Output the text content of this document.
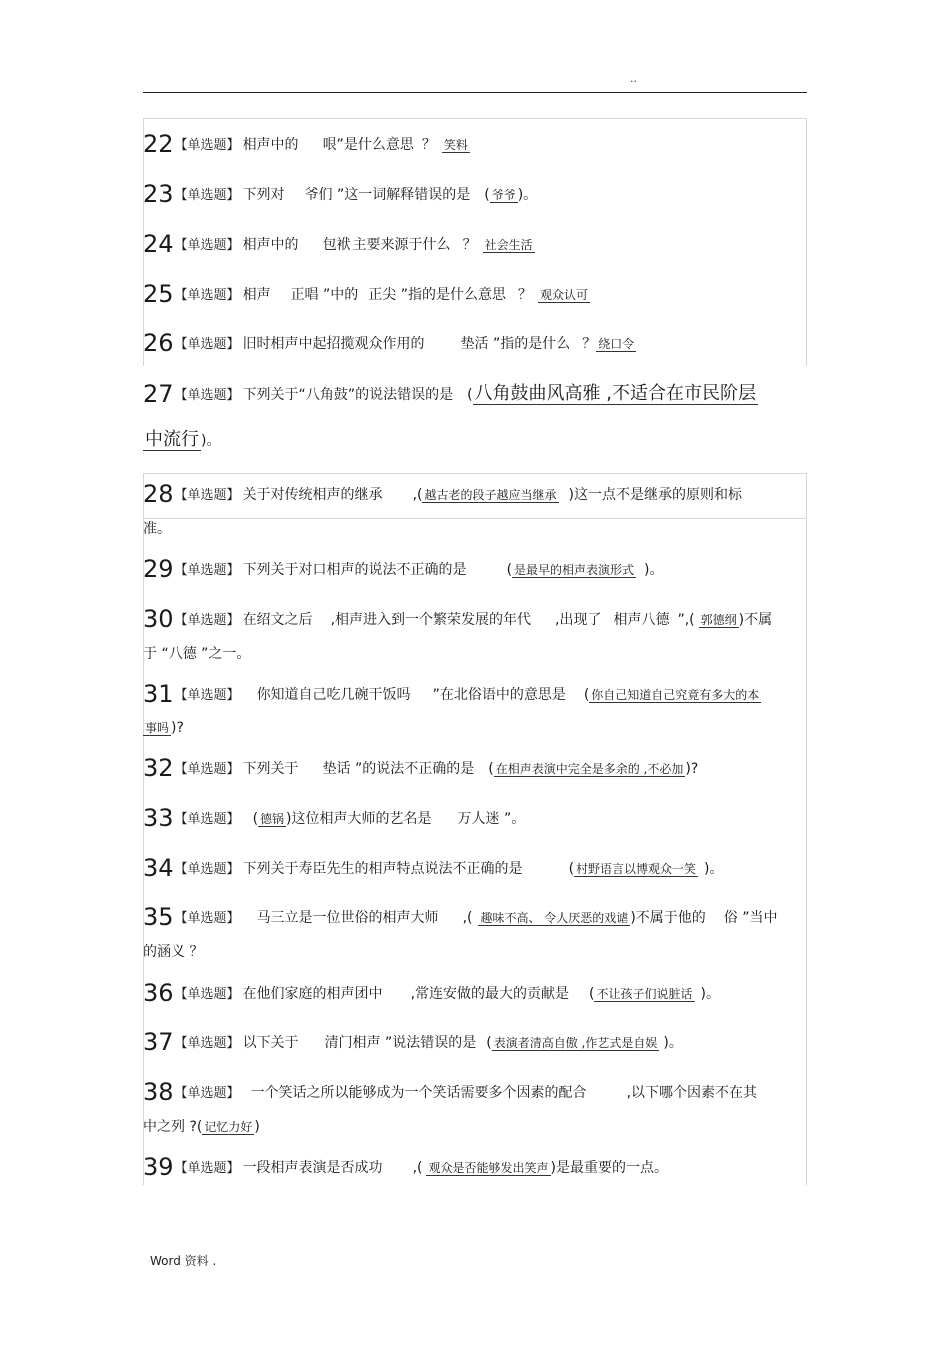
..
22【单选题】 相声中的 哏”是什么意思 ？ 笑料
23【单选题】 下列对 爷们 ”这一词解释错误的是 ( 爷爷 )。
24【单选题】 相声中的 包袱 主要来源于什么 ？ 社会生活
25【单选题】 相声 正唱 ”中的 正尖 ”指的是什么意思 ？ 观众认可
26【单选题】 旧时相声中起招揽观众作用的	垫活 ”指的是什么 ？ 绕口令
27【单选题】 下列关于“八角鼓”的说法错误的是 ( 八角鼓曲风高雅 ,不适合在市民阶层
中流行 )。
28【单选题】 关于对传统相声的继承 ,( 越古老的段子越应当继承 )这一点不是继承的原则和标
准。
29【单选题】 下列关于对口相声的说法不正确的是	( 是最早的相声表演形式 )。
30【单选题】 在绍文之后 ,相声进入到一个繁荣发展的年代 ,出现了 相声八德 ”,( 郭德纲 )不属
于 “八德 ”之一。
31【单选题】 你知道自己吃几碗干饭吗 ”在北俗语中的意思是 ( 你自己知道自己究竟有多大的本
事吗 )?
32【单选题】 下列关于 垫话 ”的说法不正确的是 ( 在相声表演中完全是多余的 ,不必加 )?
33【单选题】 ( 德锅 )这位相声大师的艺名是 万人迷 ”。
34【单选题】 下列关于寿臣先生的相声特点说法不正确的是	( 村野语言以博观众一笑 )。
35【单选题】 马三立是一位世俗的相声大师 ,( 趣味不高、 令人厌恶的戏谑 )不属于他的 俗 ”当中
的涵义 ？
36【单选题】 在他们家庭的相声团中 ,常连安做的最大的贡献是 ( 不让孩子们说脏话 )。
37【单选题】 以下关于 清门相声 ”说法错误的是 ( 表演者清高自傲 ,作艺式是自娱 )。
38【单选题】 一个笑话之所以能够成为一个笑话需要多个因素的配合	,以下哪个因素不在其
中之列 ?( 记忆力好 )
39【单选题】 一段相声表演是否成功 ,( 观众是否能够发出笑声 )是最重要的一点。
Word 资料 .
